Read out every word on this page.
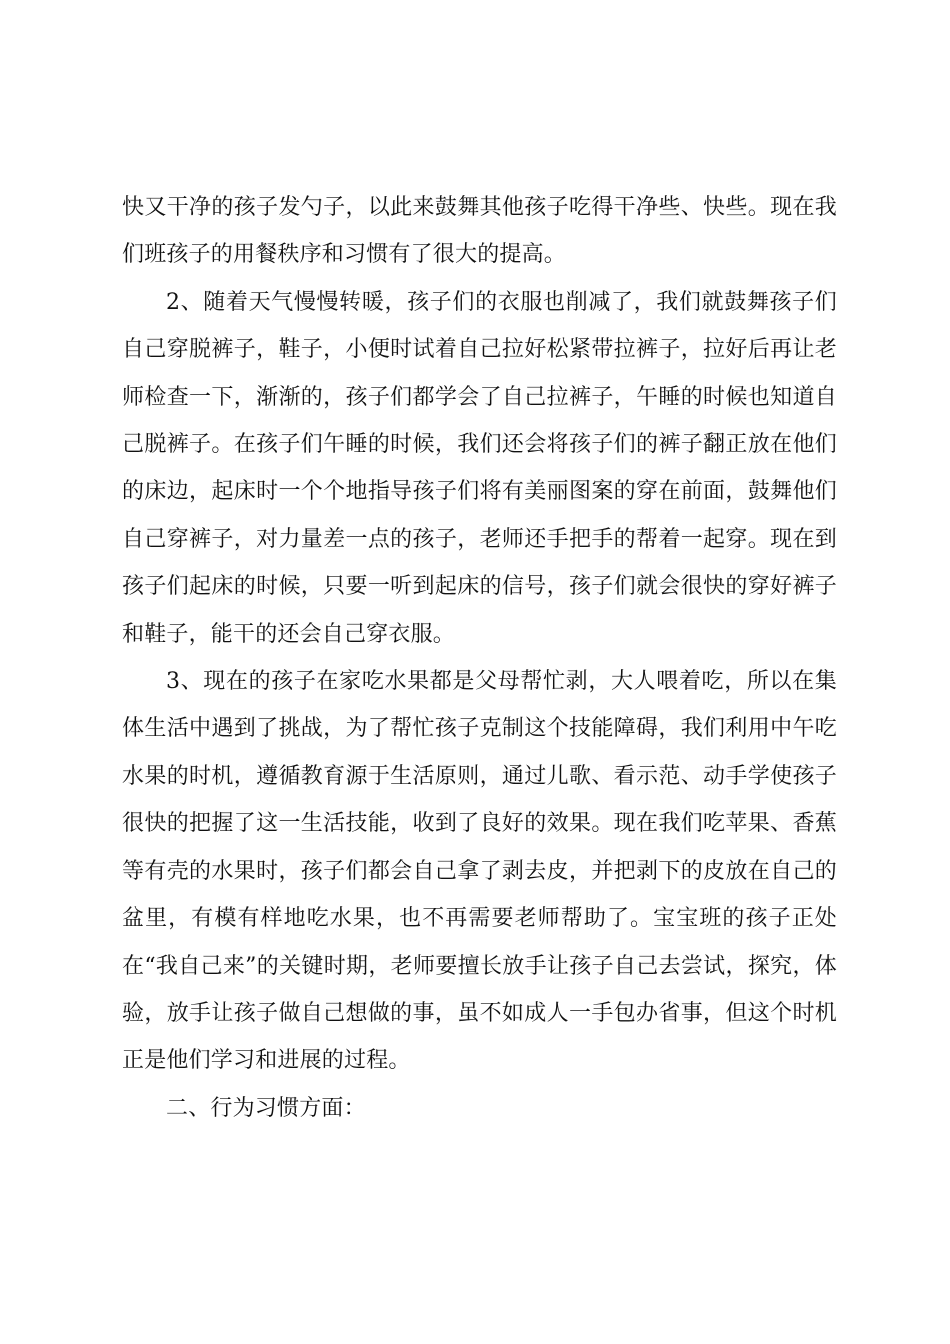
快又干净的孩子发勺子，以此来鼓舞其他孩子吃得干净些、快些。现在我们班孩子的用餐秩序和习惯有了很大的提高。

2、随着天气慢慢转暖，孩子们的衣服也削减了，我们就鼓舞孩子们自己穿脱裤子，鞋子，小便时试着自己拉好松紧带拉裤子，拉好后再让老师检查一下，渐渐的，孩子们都学会了自己拉裤子，午睡的时候也知道自己脱裤子。在孩子们午睡的时候，我们还会将孩子们的裤子翻正放在他们的床边，起床时一个个地指导孩子们将有美丽图案的穿在前面，鼓舞他们自己穿裤子，对力量差一点的孩子，老师还手把手的帮着一起穿。现在到孩子们起床的时候，只要一听到起床的信号，孩子们就会很快的穿好裤子和鞋子，能干的还会自己穿衣服。

3、现在的孩子在家吃水果都是父母帮忙剥，大人喂着吃，所以在集体生活中遇到了挑战，为了帮忙孩子克制这个技能障碍，我们利用中午吃水果的时机，遵循教育源于生活原则，通过儿歌、看示范、动手学使孩子很快的把握了这一生活技能，收到了良好的效果。现在我们吃苹果、香蕉等有壳的水果时，孩子们都会自己拿了剥去皮，并把剥下的皮放在自己的盆里，有模有样地吃水果，也不再需要老师帮助了。宝宝班的孩子正处在“我自己来”的关键时期，老师要擅长放手让孩子自己去尝试，探究，体验，放手让孩子做自己想做的事，虽不如成人一手包办省事，但这个时机正是他们学习和进展的过程。

二、行为习惯方面：
